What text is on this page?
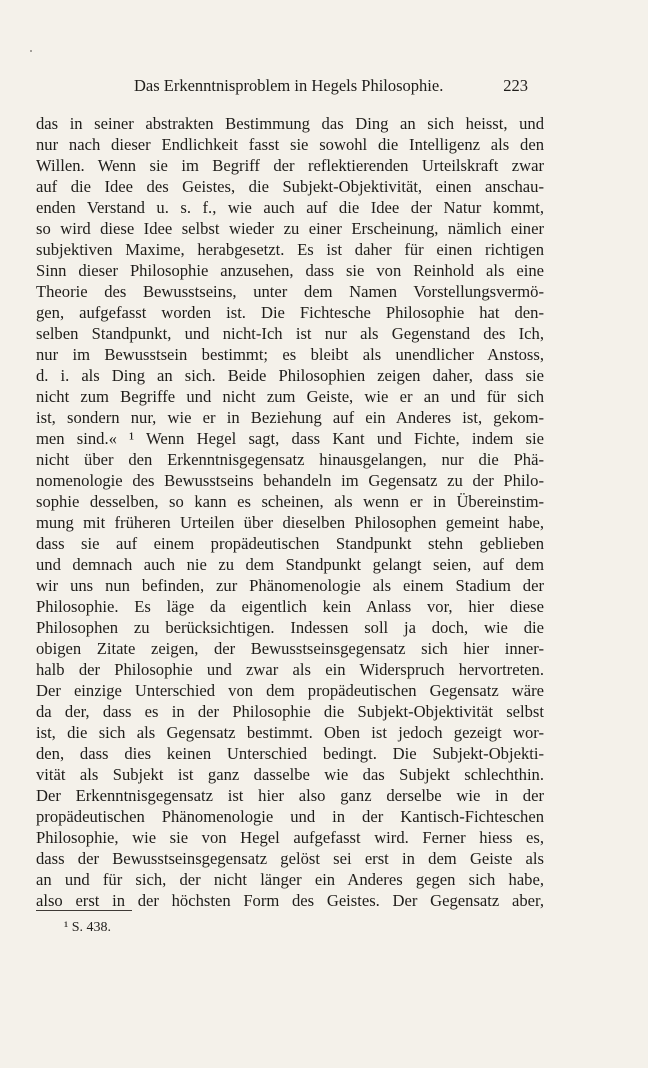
Das Erkenntnisproblem in Hegels Philosophie.	223
das in seiner abstrakten Bestimmung das Ding an sich heisst, und
nur nach dieser Endlichkeit fasst sie sowohl die Intelligenz als den
Willen. Wenn sie im Begriff der reflektierenden Urteilskraft zwar
auf die Idee des Geistes, die Subjekt-Objektivität, einen anschau-
enden Verstand u. s. f., wie auch auf die Idee der Natur kommt,
so wird diese Idee selbst wieder zu einer Erscheinung, nämlich einer
subjektiven Maxime, herabgesetzt. Es ist daher für einen richtigen
Sinn dieser Philosophie anzusehen, dass sie von Reinhold als eine
Theorie des Bewusstseins, unter dem Namen Vorstellungsvermö-
gen, aufgefasst worden ist. Die Fichtesche Philosophie hat den-
selben Standpunkt, und nicht-Ich ist nur als Gegenstand des Ich,
nur im Bewusstsein bestimmt; es bleibt als unendlicher Anstoss,
d. i. als Ding an sich. Beide Philosophien zeigen daher, dass sie
nicht zum Begriffe und nicht zum Geiste, wie er an und für sich
ist, sondern nur, wie er in Beziehung auf ein Anderes ist, gekom-
men sind.« ¹ Wenn Hegel sagt, dass Kant und Fichte, indem sie
nicht über den Erkenntnisgegensatz hinausgelangen, nur die Phä-
nomenologie des Bewusstseins behandeln im Gegensatz zu der Philo-
sophie desselben, so kann es scheinen, als wenn er in Übereinstim-
mung mit früheren Urteilen über dieselben Philosophen gemeint habe,
dass sie auf einem propädeutischen Standpunkt stehn geblieben
und demnach auch nie zu dem Standpunkt gelangt seien, auf dem
wir uns nun befinden, zur Phänomenologie als einem Stadium der
Philosophie. Es läge da eigentlich kein Anlass vor, hier diese
Philosophen zu berücksichtigen. Indessen soll ja doch, wie die
obigen Zitate zeigen, der Bewusstseinsgegensatz sich hier inner-
halb der Philosophie und zwar als ein Widerspruch hervortreten.
Der einzige Unterschied von dem propädeutischen Gegensatz wäre
da der, dass es in der Philosophie die Subjekt-Objektivität selbst
ist, die sich als Gegensatz bestimmt. Oben ist jedoch gezeigt wor-
den, dass dies keinen Unterschied bedingt. Die Subjekt-Objekti-
vität als Subjekt ist ganz dasselbe wie das Subjekt schlechthin.
Der Erkenntnisgegensatz ist hier also ganz derselbe wie in der
propädeutischen Phänomenologie und in der Kantisch-Fichteschen
Philosophie, wie sie von Hegel aufgefasst wird. Ferner hiess es,
dass der Bewusstseinsgegensatz gelöst sei erst in dem Geiste als
an und für sich, der nicht länger ein Anderes gegen sich habe,
also erst in der höchsten Form des Geistes. Der Gegensatz aber,
¹ S. 438.
